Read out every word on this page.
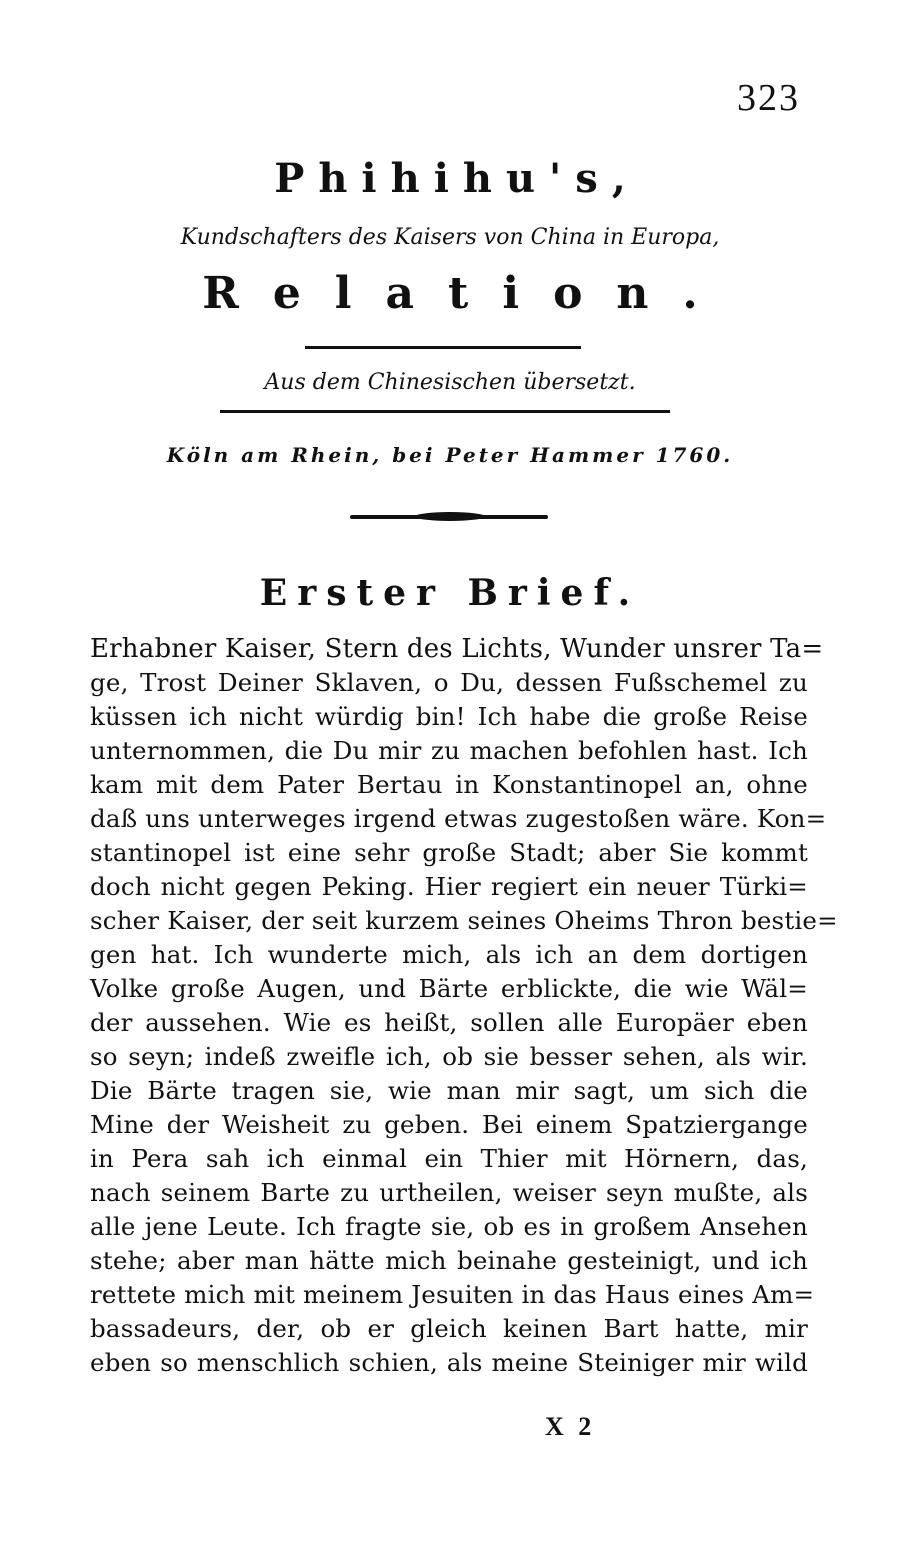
323
Phihihu's,
Kundschafters des Kaisers von China in Europa,
Relation.
Aus dem Chinesischen übersetzt.
Köln am Rhein, bei Peter Hammer 1760.
Erster Brief.
Erhabner Kaiser, Stern des Lichts, Wunder unsrer Ta=
ge, Trost Deiner Sklaven, o Du, dessen Fußschemel zu
küssen ich nicht würdig bin! Ich habe die große Reise
unternommen, die Du mir zu machen befohlen hast. Ich
kam mit dem Pater Bertau in Konstantinopel an, ohne
daß uns unterweges irgend etwas zugestoßen wäre. Kon=
stantinopel ist eine sehr große Stadt; aber Sie kommt
doch nicht gegen Peking. Hier regiert ein neuer Türki=
scher Kaiser, der seit kurzem seines Oheims Thron bestie=
gen hat. Ich wunderte mich, als ich an dem dortigen
Volke große Augen, und Bärte erblickte, die wie Wäl=
der aussehen. Wie es heißt, sollen alle Europäer eben
so seyn; indeß zweifle ich, ob sie besser sehen, als wir.
Die Bärte tragen sie, wie man mir sagt, um sich die
Mine der Weisheit zu geben. Bei einem Spatziergange
in Pera sah ich einmal ein Thier mit Hörnern, das,
nach seinem Barte zu urtheilen, weiser seyn mußte, als
alle jene Leute. Ich fragte sie, ob es in großem Ansehen
stehe; aber man hätte mich beinahe gesteinigt, und ich
rettete mich mit meinem Jesuiten in das Haus eines Am=
bassadeurs, der, ob er gleich keinen Bart hatte, mir
eben so menschlich schien, als meine Steiniger mir wild
X 2
